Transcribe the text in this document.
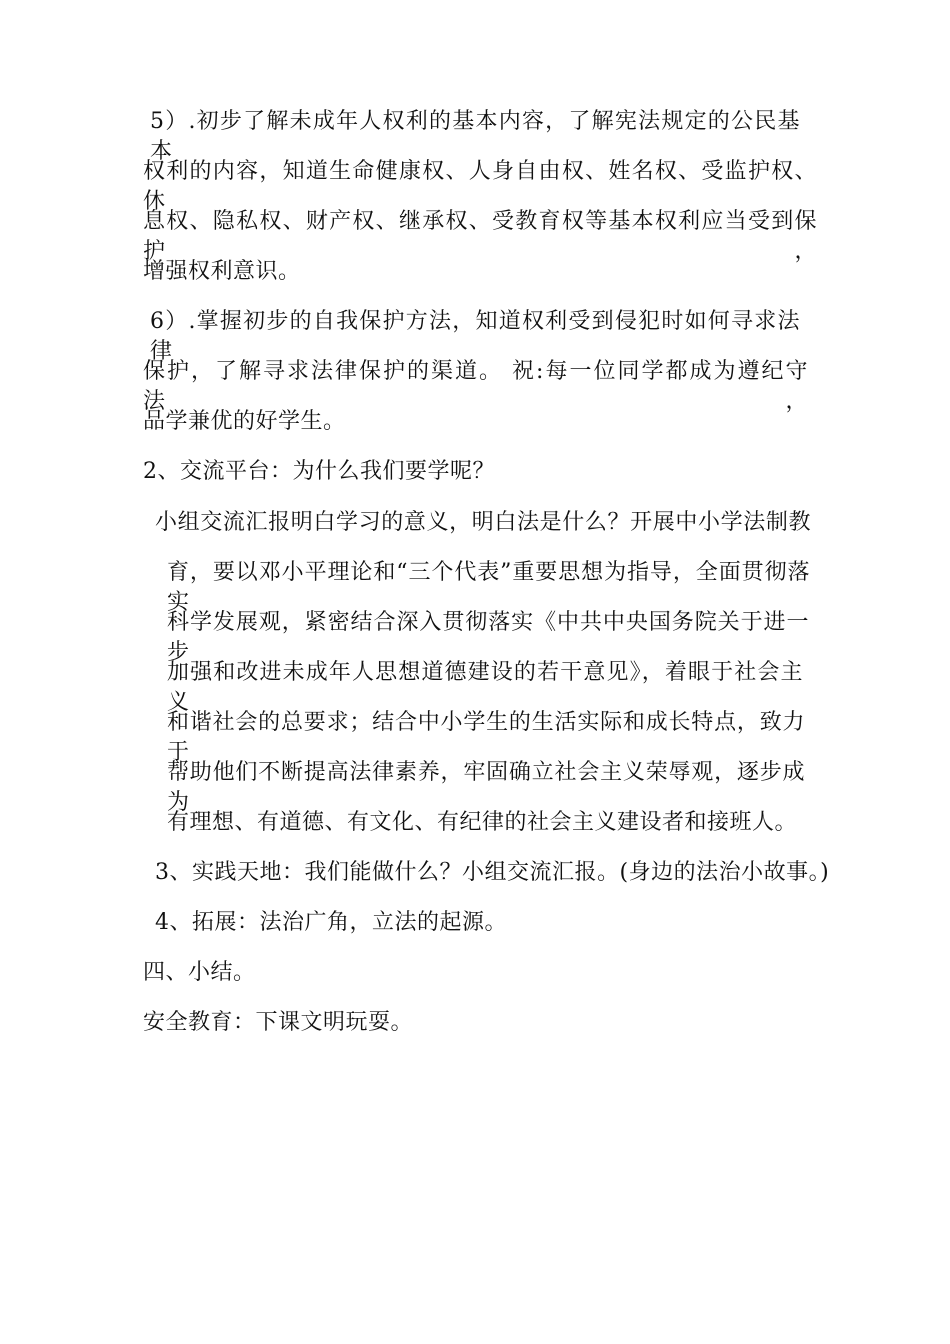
5）.初步了解未成年人权利的基本内容，了解宪法规定的公民基本
权利的内容，知道生命健康权、人身自由权、姓名权、受监护权、休
息权、隐私权、财产权、继承权、受教育权等基本权利应当受到保护，
增强权利意识。
6）.掌握初步的自我保护方法，知道权利受到侵犯时如何寻求法律
保护，了解寻求法律保护的渠道。 祝:每一位同学都成为遵纪守法，
品学兼优的好学生。
2、交流平台：为什么我们要学呢？
小组交流汇报明白学习的意义，明白法是什么？开展中小学法制教
育，要以邓小平理论和“三个代表”重要思想为指导，全面贯彻落实
科学发展观，紧密结合深入贯彻落实《中共中央国务院关于进一步
加强和改进未成年人思想道德建设的若干意见》，着眼于社会主义
和谐社会的总要求；结合中小学生的生活实际和成长特点，致力于
帮助他们不断提高法律素养，牢固确立社会主义荣辱观，逐步成为
有理想、有道德、有文化、有纪律的社会主义建设者和接班人。
3、实践天地：我们能做什么？小组交流汇报。(身边的法治小故事。)
4、拓展：法治广角，立法的起源。
四、小结。
安全教育：下课文明玩耍。
